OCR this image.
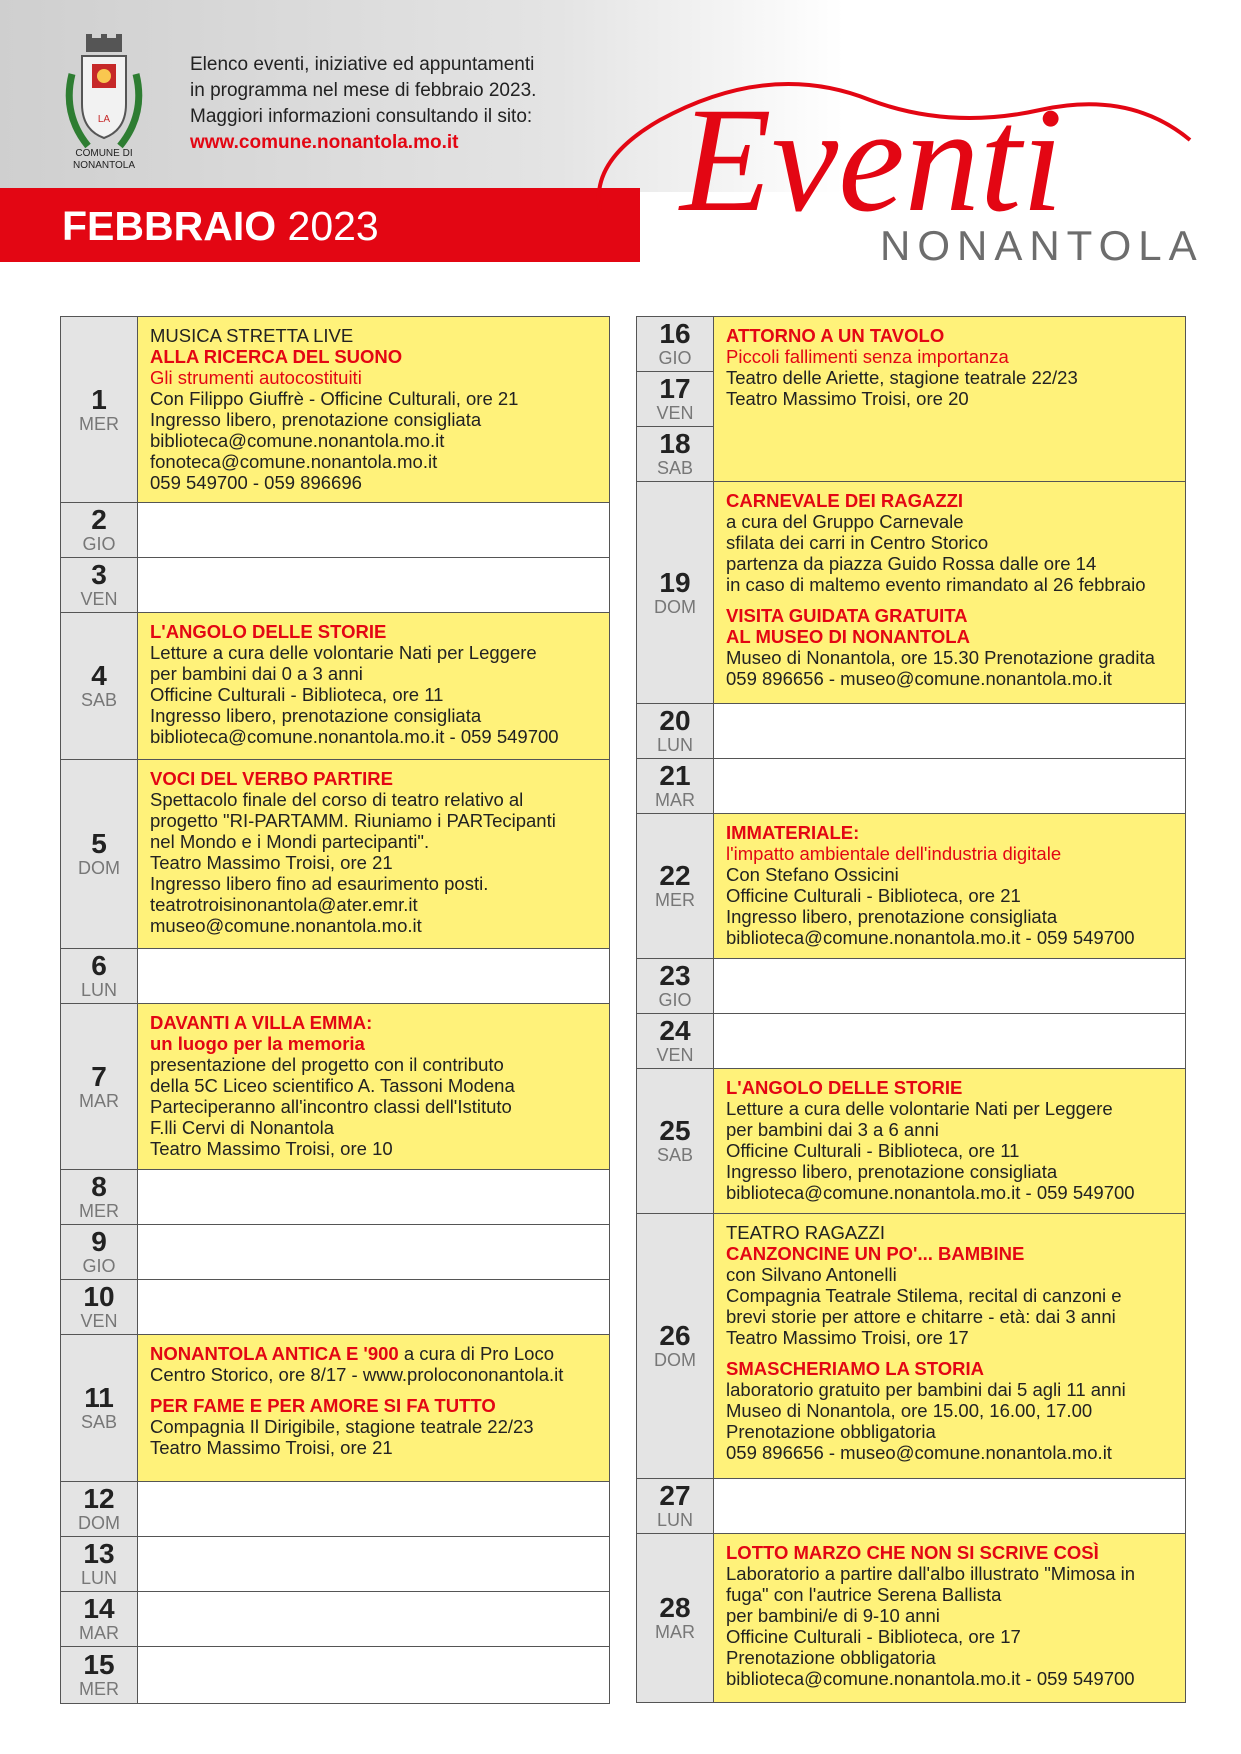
LA
COMUNE DI
NONANTOLA
Elenco eventi, iniziative ed appuntamenti
in programma nel mese di febbraio 2023.
Maggiori informazioni consultando il sito:
www.comune.nonantola.mo.it
FEBBRAIO 2023 Eventi
NONANTOLA
1
MER
MUSICA STRETTA LIVE
ALLA RICERCA DEL SUONO
Gli strumenti autocostituiti
Con Filippo Giuffrè - Officine Culturali, ore 21
Ingresso libero, prenotazione consigliata
biblioteca@comune.nonantola.mo.it
fonoteca@comune.nonantola.mo.it
059 549700 - 059 896696
2
GIO
3
VEN
4
SAB
L'ANGOLO DELLE STORIE
Letture a cura delle volontarie Nati per Leggere
per bambini dai 0 a 3 anni
Officine Culturali - Biblioteca, ore 11
Ingresso libero, prenotazione consigliata
biblioteca@comune.nonantola.mo.it - 059 549700
5
DOM
VOCI DEL VERBO PARTIRE
Spettacolo finale del corso di teatro relativo al
progetto "RI-PARTAMM. Riuniamo i PARTecipanti
nel Mondo e i Mondi partecipanti".
Teatro Massimo Troisi, ore 21
Ingresso libero fino ad esaurimento posti.
teatrotroisinonantola@ater.emr.it
museo@comune.nonantola.mo.it
6
LUN
7
MAR
DAVANTI A VILLA EMMA:
un luogo per la memoria
presentazione del progetto con il contributo
della 5C Liceo scientifico A. Tassoni Modena
Parteciperanno all'incontro classi dell'Istituto
F.lli Cervi di Nonantola
Teatro Massimo Troisi, ore 10
8
MER
9
GIO
10
VEN
11
SAB
NONANTOLA ANTICA E '900 a cura di Pro Loco
Centro Storico, ore 8/17 - www.prolocononantola.it
PER FAME E PER AMORE SI FA TUTTO
Compagnia Il Dirigibile, stagione teatrale 22/23
Teatro Massimo Troisi, ore 21
12
DOM
13
LUN
14
MAR
15
MER
16
GIO
17
VEN
18
SAB
ATTORNO A UN TAVOLO
Piccoli fallimenti senza importanza
Teatro delle Ariette, stagione teatrale 22/23
Teatro Massimo Troisi, ore 20
19
DOM
CARNEVALE DEI RAGAZZI
a cura del Gruppo Carnevale
sfilata dei carri in Centro Storico
partenza da piazza Guido Rossa dalle ore 14
in caso di maltemo evento rimandato al 26 febbraio
VISITA GUIDATA GRATUITA
AL MUSEO DI NONANTOLA
Museo di Nonantola, ore 15.30 Prenotazione gradita
059 896656 - museo@comune.nonantola.mo.it
20
LUN
21
MAR
22
MER
IMMATERIALE:
l'impatto ambientale dell'industria digitale
Con Stefano Ossicini
Officine Culturali - Biblioteca, ore 21
Ingresso libero, prenotazione consigliata
biblioteca@comune.nonantola.mo.it - 059 549700
23
GIO
24
VEN
25
SAB
L'ANGOLO DELLE STORIE
Letture a cura delle volontarie Nati per Leggere
per bambini dai 3 a 6 anni
Officine Culturali - Biblioteca, ore 11
Ingresso libero, prenotazione consigliata
biblioteca@comune.nonantola.mo.it - 059 549700
26
DOM
TEATRO RAGAZZI
CANZONCINE UN PO'... BAMBINE
con Silvano Antonelli
Compagnia Teatrale Stilema, recital di canzoni e
brevi storie per attore e chitarre - età: dai 3 anni
Teatro Massimo Troisi, ore 17
SMASCHERIAMO LA STORIA
laboratorio gratuito per bambini dai 5 agli 11 anni
Museo di Nonantola, ore 15.00, 16.00, 17.00
Prenotazione obbligatoria
059 896656 - museo@comune.nonantola.mo.it
27
LUN
28
MAR
LOTTO MARZO CHE NON SI SCRIVE COSÌ
Laboratorio a partire dall'albo illustrato "Mimosa in
fuga" con l'autrice Serena Ballista
per bambini/e di 9-10 anni
Officine Culturali - Biblioteca, ore 17
Prenotazione obbligatoria
biblioteca@comune.nonantola.mo.it - 059 549700
